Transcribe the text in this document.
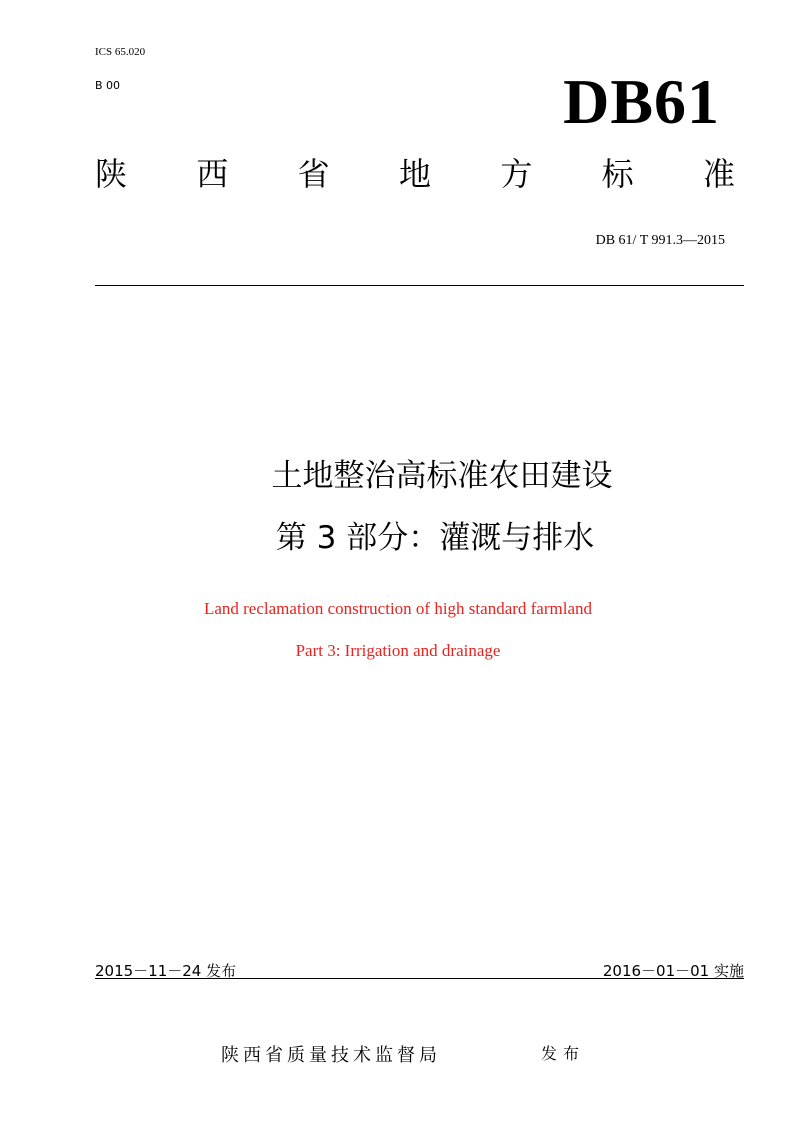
ICS 65.020
B 00	DB61
陕 西 省 地 方 标 准
DB 61/ T 991.3—2015
土地整治高标准农田建设
第 3 部分：灌溉与排水
Land reclamation construction of high standard farmland
Part 3: Irrigation and drainage
2015－11－24 发布	2016－01－01 实施
陕西省质量技术监督局	发布
